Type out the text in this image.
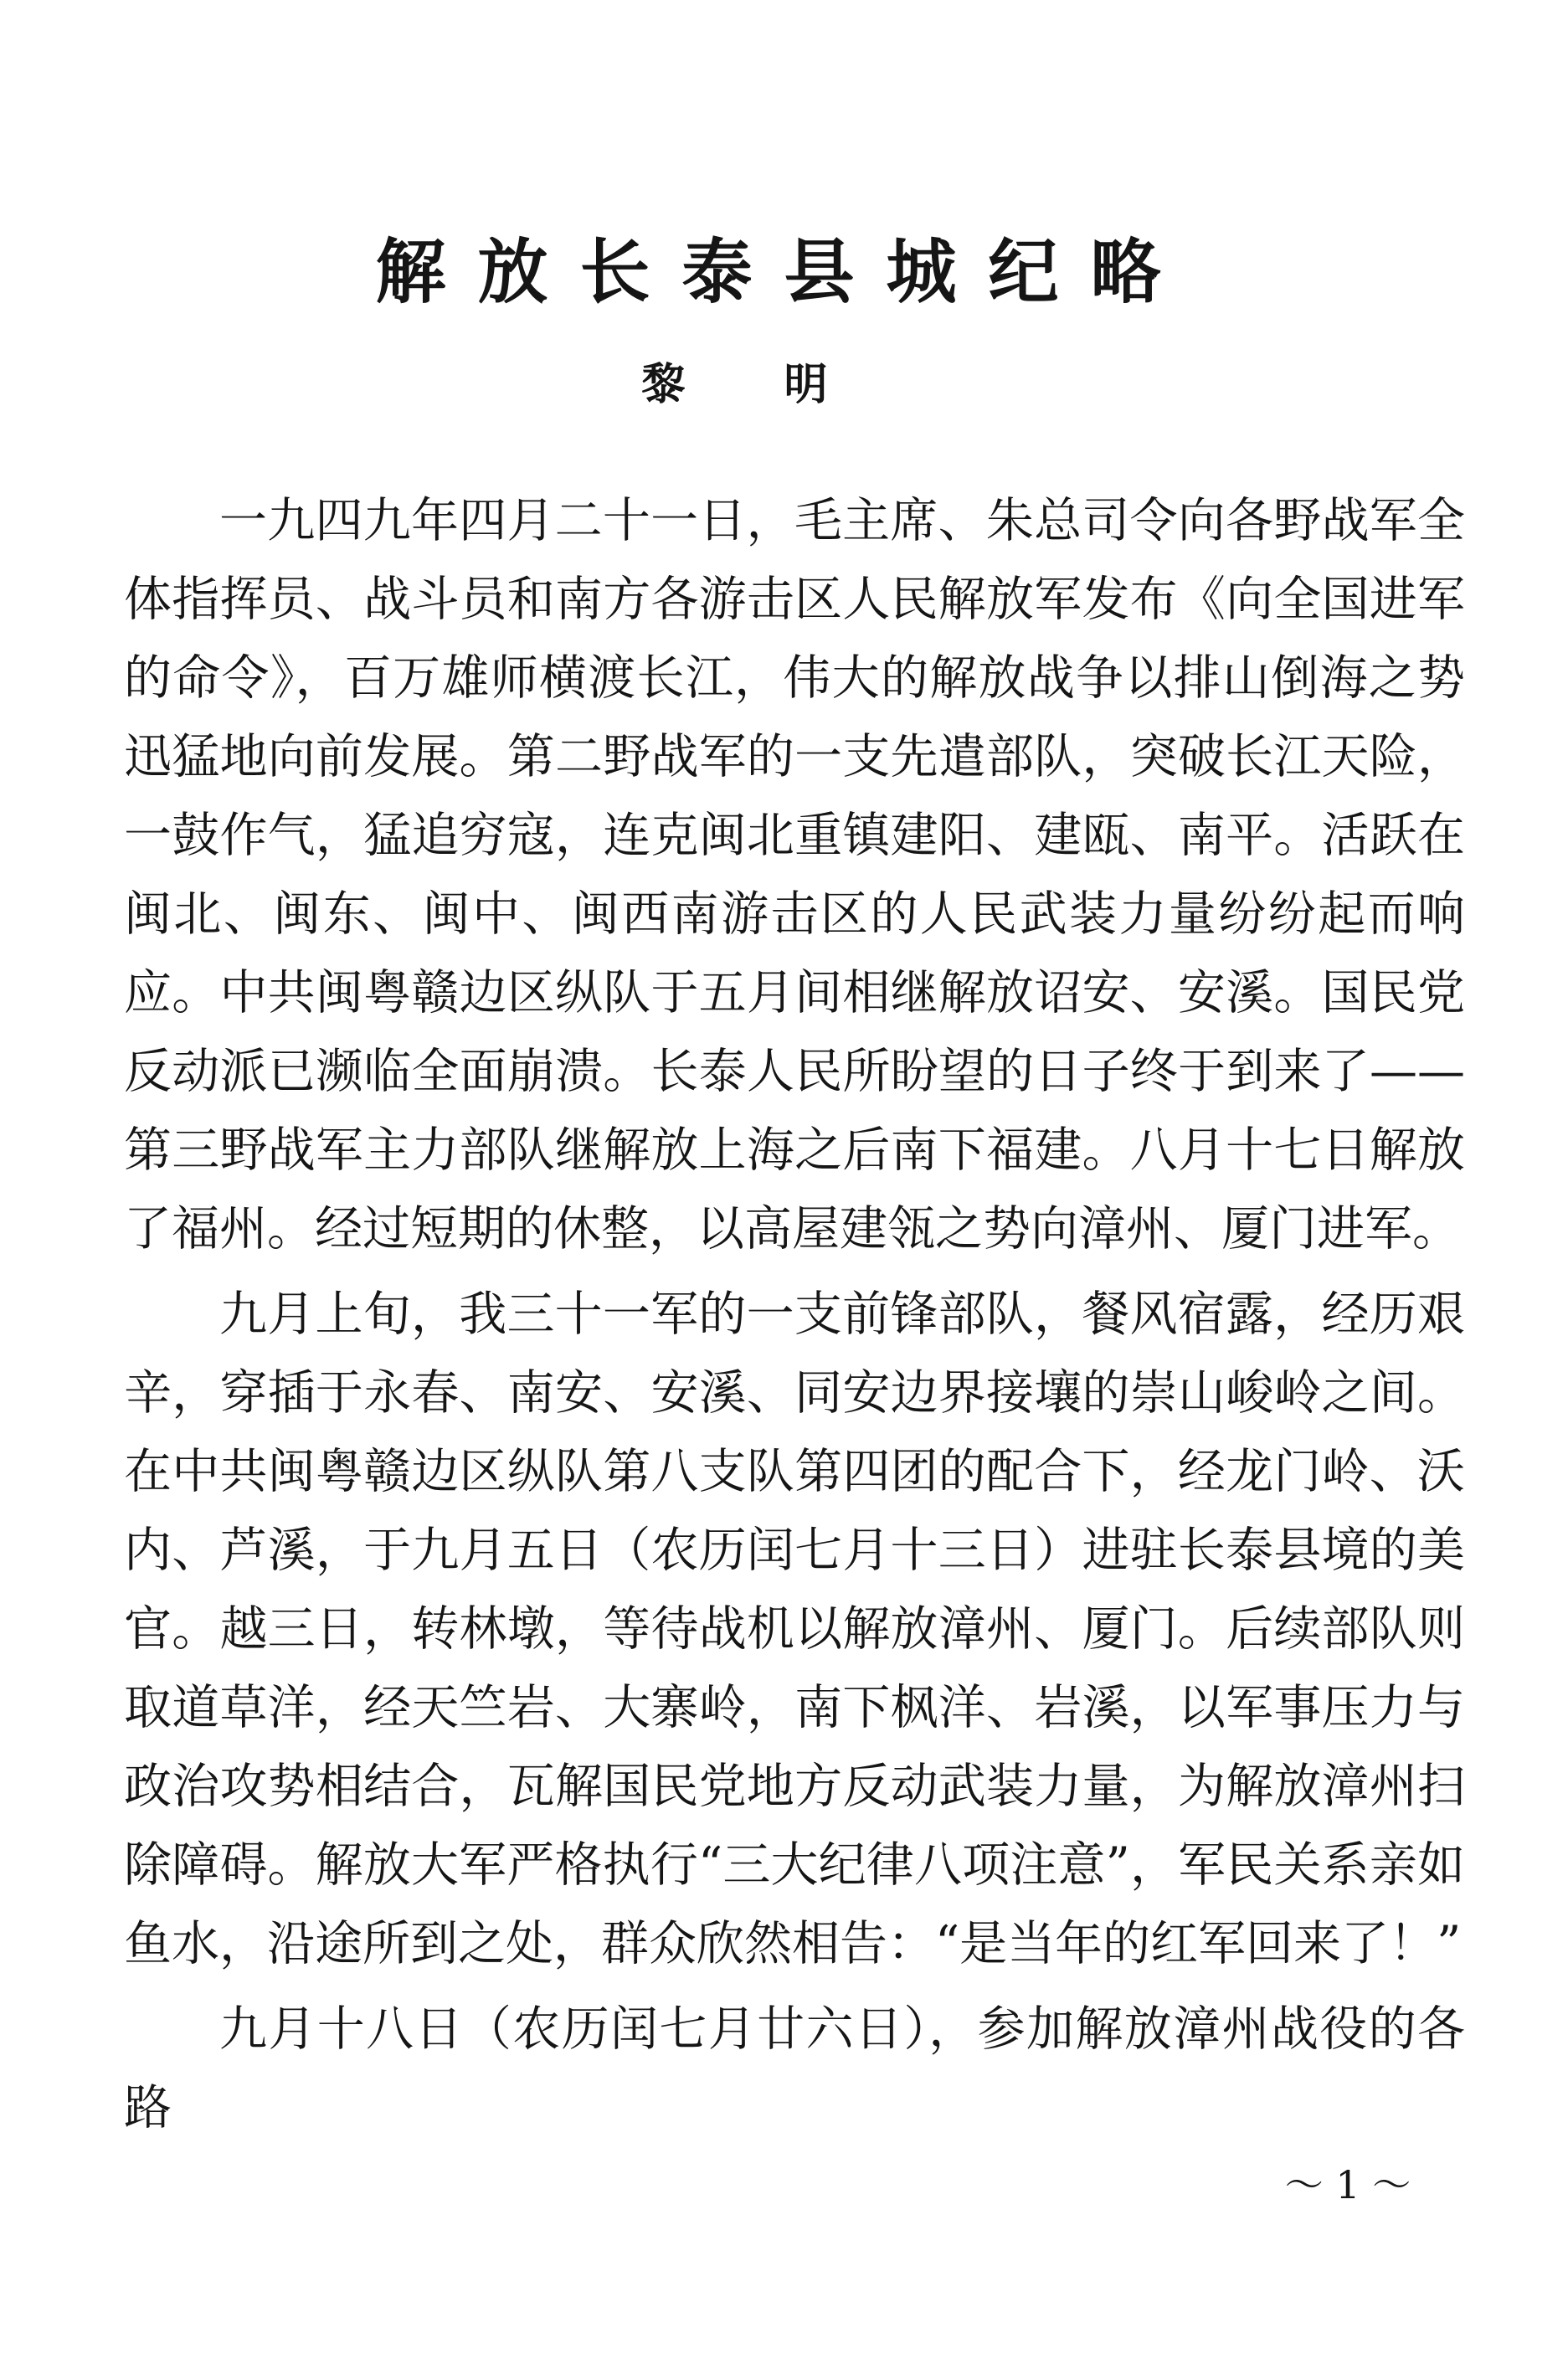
解放长泰县城纪略
黎明

一九四九年四月二十一日，毛主席、朱总司令向各野战军全体指挥员、战斗员和南方各游击区人民解放军发布《向全国进军的命令》，百万雄师横渡长江，伟大的解放战争以排山倒海之势迅猛地向前发展。第二野战军的一支先遣部队，突破长江天险，一鼓作气，猛追穷寇，连克闽北重镇建阳、建瓯、南平。活跃在闽北、闽东、闽中、闽西南游击区的人民武装力量纷纷起而响应。中共闽粤赣边区纵队于五月间相继解放诏安、安溪。国民党反动派已濒临全面崩溃。长泰人民所盼望的日子终于到来了——第三野战军主力部队继解放上海之后南下福建。八月十七日解放了福州。经过短期的休整，以高屋建瓴之势向漳州、厦门进军。

九月上旬，我三十一军的一支前锋部队，餐风宿露，经历艰辛，穿插于永春、南安、安溪、同安边界接壤的崇山峻岭之间。在中共闽粤赣边区纵队第八支队第四团的配合下，经龙门岭、沃内、芦溪，于九月五日（农历闰七月十三日）进驻长泰县境的美官。越三日，转林墩，等待战机以解放漳州、厦门。后续部队则取道草洋，经天竺岩、大寨岭，南下枫洋、岩溪，以军事压力与政治攻势相结合，瓦解国民党地方反动武装力量，为解放漳州扫除障碍。解放大军严格执行“三大纪律八项注意”，军民关系亲如鱼水，沿途所到之处，群众欣然相告：“是当年的红军回来了！”

九月十八日（农历闰七月廿六日），参加解放漳州战役的各路

～ 1 ～
